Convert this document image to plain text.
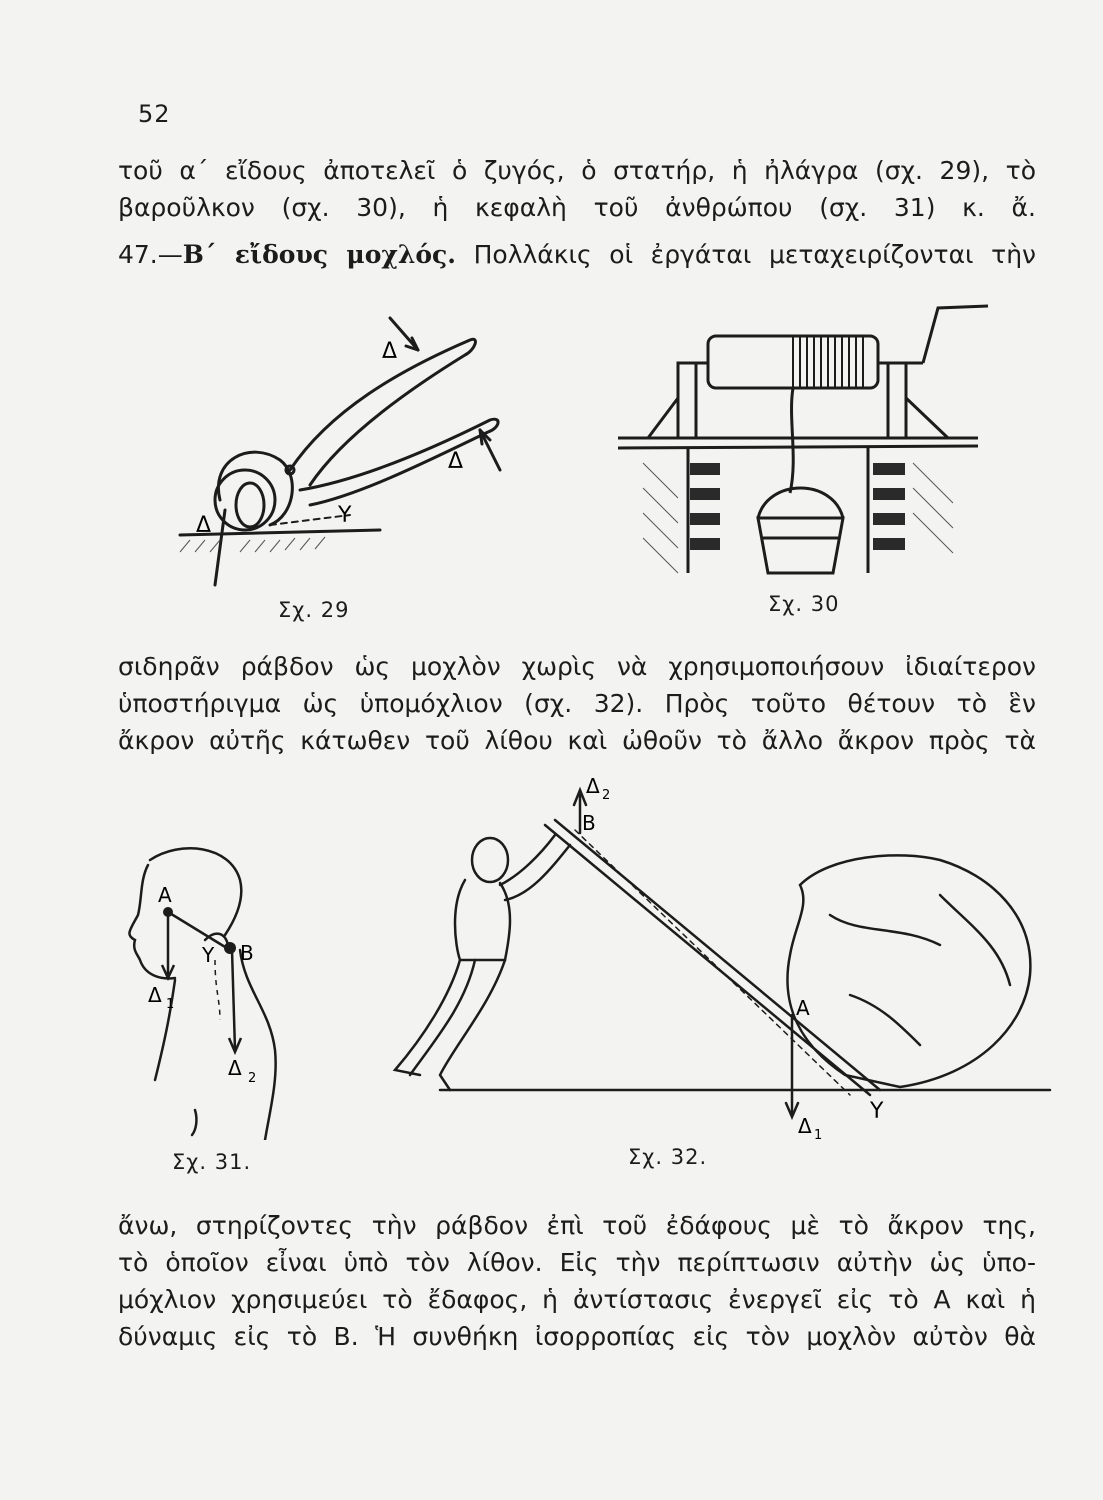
52
τοῦ α΄ εἴδους ἀποτελεῖ ὁ ζυγός, ὁ στατήρ, ἡ ἠλάγρα (σχ. 29), τὸ
βαροῦλκον (σχ. 30), ἡ κεφαλὴ τοῦ ἀνθρώπου (σχ. 31) κ. ἄ.
47.—Β΄ εἴδους μοχλός. Πολλάκις οἱ ἐργάται μεταχειρίζονται τὴν
Δ
Δ
Δ	Υ
Σχ. 29	Σχ. 30
σιδηρᾶν ράβδον ὡς μοχλὸν χωρὶς νὰ χρησιμοποιήσουν ἰδιαίτερον
ὑποστήριγμα ὡς ὑπομόχλιον (σχ. 32). Πρὸς τοῦτο θέτουν τὸ ἓν
ἄκρον αὐτῆς κάτωθεν τοῦ λίθου καὶ ὠθοῦν τὸ ἄλλο ἄκρον πρὸς τὰ
Α
Β
Υ
Δ 1
Δ 2
Σχ. 31.
Δ 2
Β
Α
Υ
Δ 1
Σχ. 32.
ἄνω, στηρίζοντες τὴν ράβδον ἐπὶ τοῦ ἐδάφους μὲ τὸ ἄκρον της,
τὸ ὁποῖον εἶναι ὑπὸ τὸν λίθον. Εἰς τὴν περίπτωσιν αὐτὴν ὡς ὑπο-
μόχλιον χρησιμεύει τὸ ἔδαφος, ἡ ἀντίστασις ἐνεργεῖ εἰς τὸ Α καὶ ἡ
δύναμις εἰς τὸ Β. Ἡ συνθήκη ἰσορροπίας εἰς τὸν μοχλὸν αὐτὸν θὰ
